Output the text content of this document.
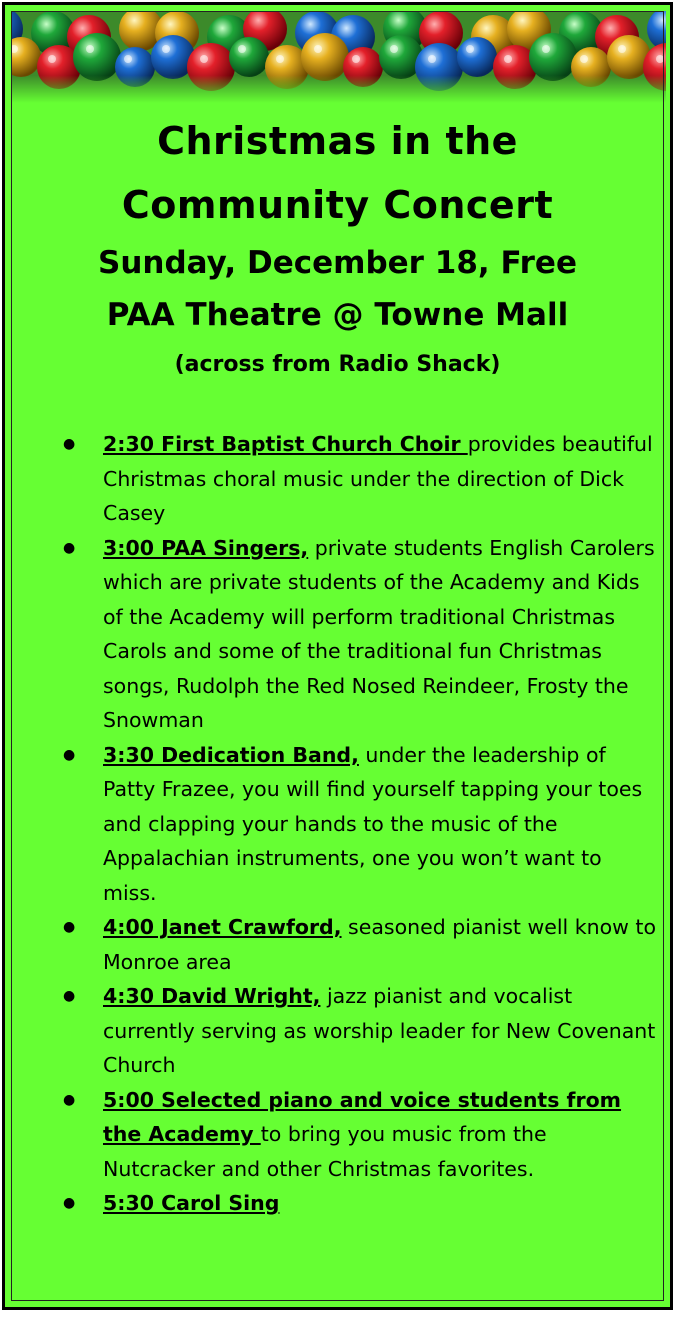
Christmas in the
Community Concert
Sunday, December 18, Free
PAA Theatre @ Towne Mall
(across from Radio Shack)
● 2:30 First Baptist Church Choir provides beautiful Christmas choral music under the direction of Dick Casey
● 3:00 PAA Singers, private students English Carolers which are private students of the Academy and Kids of the Academy will perform traditional Christmas Carols and some of the traditional fun Christmas songs, Rudolph the Red Nosed Reindeer, Frosty the Snowman
● 3:30 Dedication Band, under the leadership of Patty Frazee, you will find yourself tapping your toes and clapping your hands to the music of the Appalachian instruments, one you won’t want to miss.
● 4:00 Janet Crawford, seasoned pianist well know to Monroe area
● 4:30 David Wright, jazz pianist and vocalist currently serving as worship leader for New Covenant Church
● 5:00 Selected piano and voice students from the Academy to bring you music from the Nutcracker and other Christmas favorites.
● 5:30 Carol Sing
